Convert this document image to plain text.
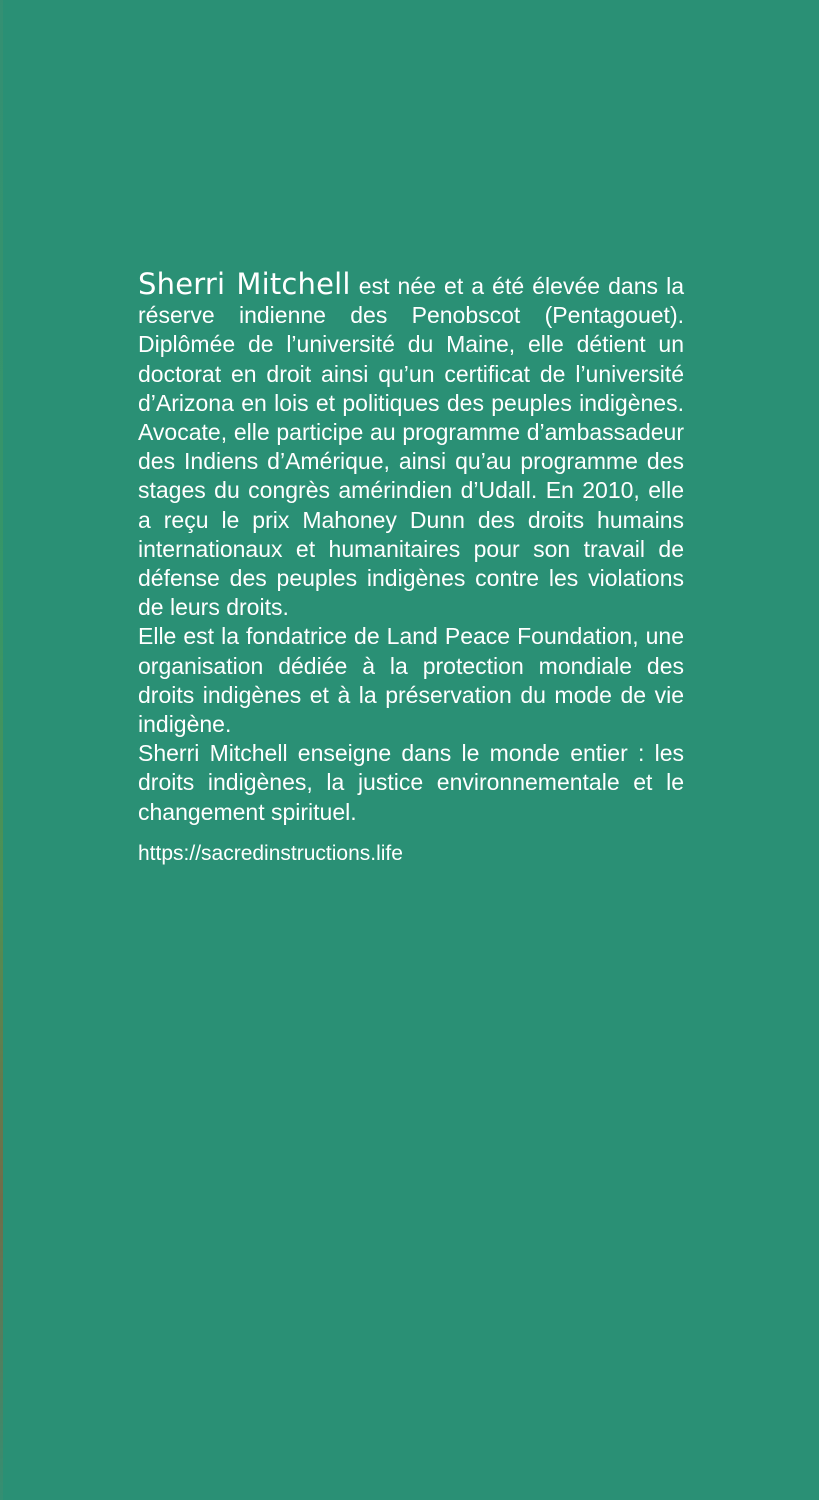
Sherri Mitchell est née et a été élevée dans la réserve indienne des Penobscot (Pentagouet). Diplômée de l’université du Maine, elle détient un doctorat en droit ainsi qu’un certificat de l’université d’Arizona en lois et politiques des peuples indigènes. Avocate, elle participe au programme d’ambassadeur des Indiens d’Amérique, ainsi qu’au programme des stages du congrès amérindien d’Udall. En 2010, elle a reçu le prix Mahoney Dunn des droits humains internationaux et humanitaires pour son travail de défense des peuples indigènes contre les violations de leurs droits.

Elle est la fondatrice de Land Peace Foundation, une organisation dédiée à la protection mondiale des droits indigènes et à la préservation du mode de vie indigène.

Sherri Mitchell enseigne dans le monde entier : les droits indigènes, la justice environnementale et le changement spirituel.

https://sacredinstructions.life
